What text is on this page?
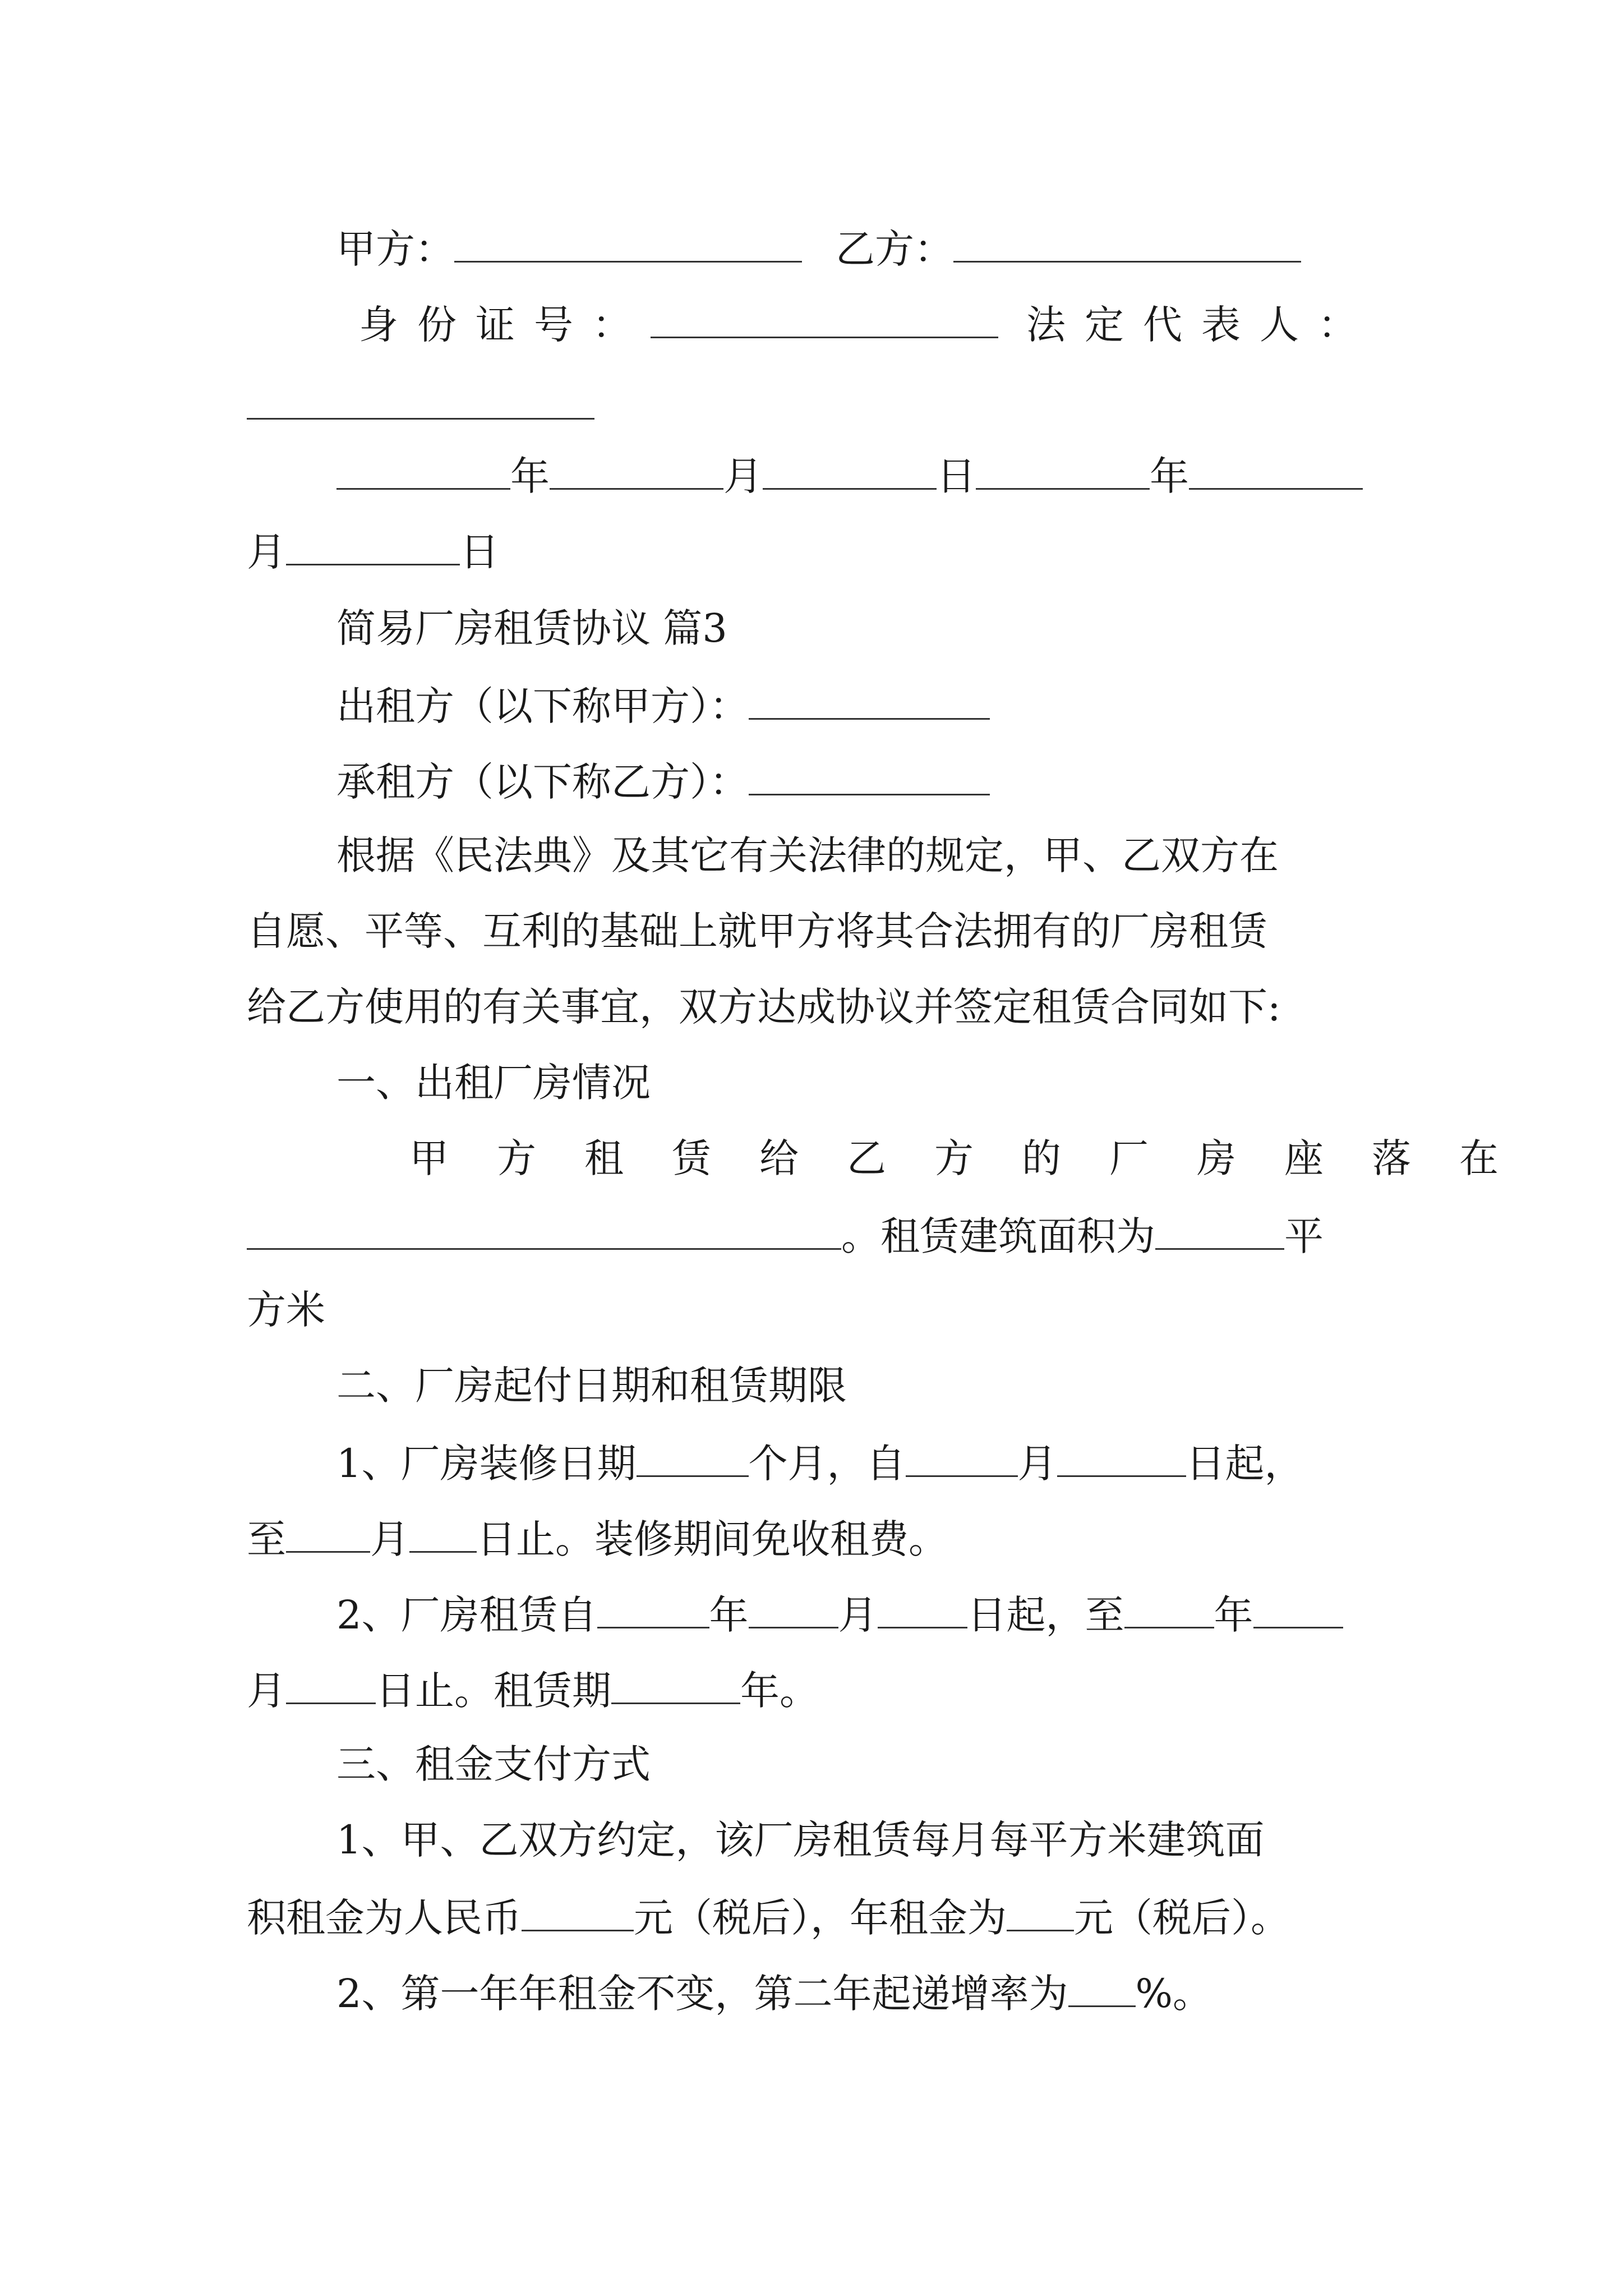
甲方：	乙方：
身份证号：	法定代表人：
年	月	日	年
月	日
简易厂房租赁协议 篇3
出租方（以下称甲方）：
承租方（以下称乙方）：
根据《民法典》及其它有关法律的规定，甲、乙双方在
自愿、平等、互利的基础上就甲方将其合法拥有的厂房租赁
给乙方使用的有关事宜，双方达成协议并签定租赁合同如下:
一、出租厂房情况
甲方租赁给乙方的厂房座落在
。租赁建筑面积为	平
方米
二、厂房起付日期和租赁期限
1、厂房装修日期	个月，自	月	日起，
至 月 日止。装修期间免收租费。
2、厂房租赁自	年 月 日起，至 年
月 日止。租赁期	年。
三、租金支付方式
1、甲、乙双方约定，该厂房租赁每月每平方米建筑面
积租金为人民币	元（税后），年租金为 元（税后）。
2、第一年年租金不变，第二年起递增率为 %。
